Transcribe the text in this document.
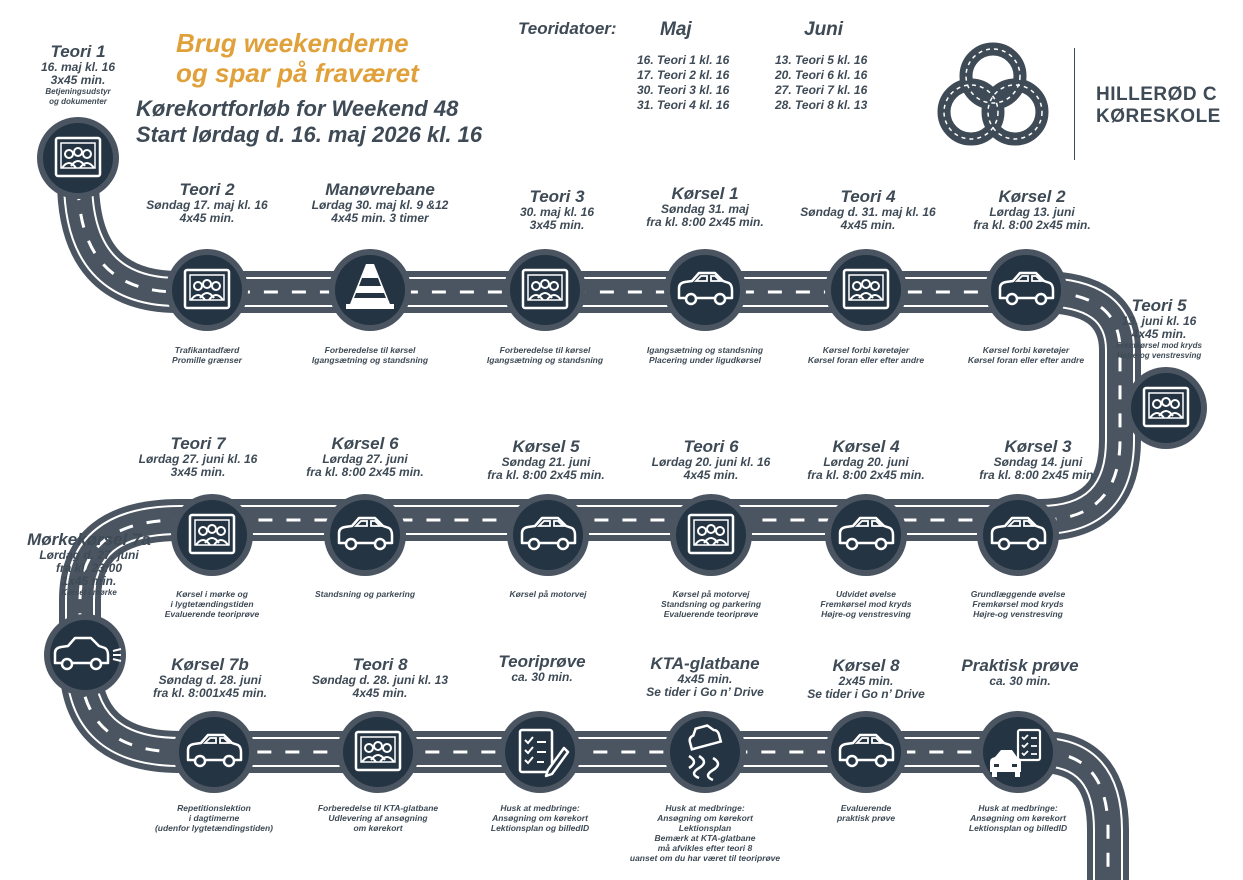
Brug weekenderne
og spar på fraværet
Kørekortforløb for Weekend 48
Start lørdag d. 16. maj 2026 kl. 16
Teoridatoer: Maj	Juni
16. Teori 1 kl. 16
17. Teori 2 kl. 16
30. Teori 3 kl. 16
31. Teori 4 kl. 16
13. Teori 5 kl. 16
20. Teori 6 kl. 16
27. Teori 7 kl. 16
28. Teori 8 kl. 13	HILLERØD C
KØRESKOLE
Teori 1
16. maj kl. 16
3x45 min.
Betjeningsudstyr
og dokumenter
Teori 2
Søndag 17. maj kl. 16
4x45 min.
Trafikantadfærd
Promille grænser
Manøvrebane
Lørdag 30. maj kl. 9 &12
4x45 min. 3 timer
Forberedelse til kørsel
Igangsætning og standsning
Teori 3
30. maj kl. 16
3x45 min.
Forberedelse til kørsel
Igangsætning og standsning
Kørsel 1
Søndag 31. maj
fra kl. 8:00 2x45 min.
Igangsætning og standsning
Placering under ligudkørsel
Teori 4
Søndag d. 31. maj kl. 16
4x45 min.
Kørsel forbi køretøjer
Kørsel foran eller efter andre
Kørsel 2
Lørdag 13. juni
fra kl. 8:00 2x45 min.
Kørsel forbi køretøjer
Kørsel foran eller efter andre
Teori 5
13. juni kl. 16
4x45 min.
Fremkørsel mod kryds
Højre-og venstresving
Kørsel 3
Søndag 14. juni
fra kl. 8:00 2x45 min.
Grundlæggende øvelse
Fremkørsel mod kryds
Højre-og venstresving
Kørsel 4
Lørdag 20. juni
fra kl. 8:00 2x45 min.
Udvidet øvelse
Fremkørsel mod kryds
Højre-og venstresving
Teori 6
Lørdag 20. juni kl. 16
4x45 min.
Kørsel på motorvej
Standsning og parkering
Evaluerende teoriprøve
Kørsel 5
Søndag 21. juni
fra kl. 8:00 2x45 min.
Kørsel på motorvej
Kørsel 6
Lørdag 27. juni
fra kl. 8:00 2x45 min.
Standsning og parkering
Teori 7
Lørdag 27. juni kl. 16
3x45 min.
Kørsel i mørke og
i lygtetændingstiden
Evaluerende teoriprøve
Mørkekørsel 7a
Lørdag d. 27. juni
fra kl. 23:00
1x45 min.
Kørsel i mørke
Kørsel 7b
Søndag d. 28. juni
fra kl. 8:001x45 min.
Repetitionslektion
i dagtimerne
(udenfor lygtetændingstiden)
Teori 8
Søndag d. 28. juni kl. 13
4x45 min.
Forberedelse til KTA-glatbane
Udlevering af ansøgning
om kørekort
Teoriprøve
ca. 30 min.
Husk at medbringe:
Ansøgning om kørekort
Lektionsplan og billedID
KTA-glatbane
4x45 min.
Se tider i Go n’ Drive
Husk at medbringe:
Ansøgning om kørekort
Lektionsplan
Bemærk at KTA-glatbane
må afvikles efter teori 8
uanset om du har været til teoriprøve
Kørsel 8
2x45 min.
Se tider i Go n’ Drive
Evaluerende
praktisk prøve
Praktisk prøve
ca. 30 min.
Husk at medbringe:
Ansøgning om kørekort
Lektionsplan og billedID
